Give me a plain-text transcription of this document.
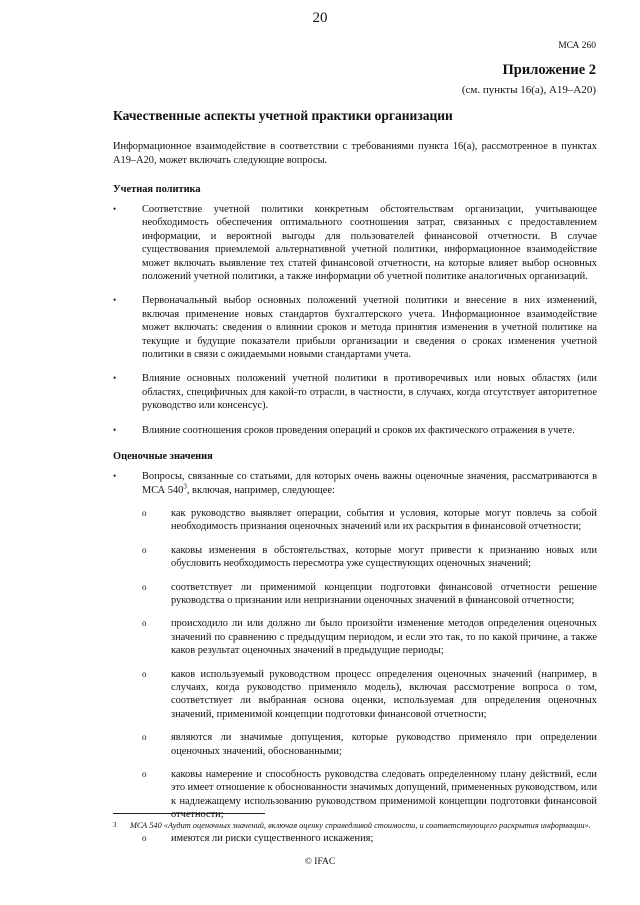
20
МСА 260
Приложение 2
(см. пункты 16(а), A19–A20)
Качественные аспекты учетной практики организации
Информационное взаимодействие в соответствии с требованиями пункта 16(а), рассмотренное в пунктах A19–A20, может включать следующие вопросы.
Учетная политика
•	Соответствие учетной политики конкретным обстоятельствам организации, учитывающее необходимость обеспечения оптимального соотношения затрат, связанных с предоставлением информации, и вероятной выгоды для пользователей финансовой отчетности. В случае существования приемлемой альтернативной учетной политики, информационное взаимодействие может включать выявление тех статей финансовой отчетности, на которые влияет выбор основных положений учетной политики, а также информации об учетной политике аналогичных организаций.
•	Первоначальный выбор основных положений учетной политики и внесение в них изменений, включая применение новых стандартов бухгалтерского учета. Информационное взаимодействие может включать: сведения о влиянии сроков и метода принятия изменения в учетной политике на текущие и будущие показатели прибыли организации и сведения о сроках изменения учетной политики в связи с ожидаемыми новыми стандартами учета.
•	Влияние основных положений учетной политики в противоречивых или новых областях (или областях, специфичных для какой-то отрасли, в частности, в случаях, когда отсутствует авторитетное руководство или консенсус).
•	Влияние соотношения сроков проведения операций и сроков их фактического отражения в учете.
Оценочные значения
•	Вопросы, связанные со статьями, для которых очень важны оценочные значения, рассматриваются в МСА $540^3$, включая, например, следующее:
o как руководство выявляет операции, события и условия, которые могут повлечь за собой необходимость признания оценочных значений или их раскрытия в финансовой отчетности;
o каковы изменения в обстоятельствах, которые могут привести к признанию новых или обусловить необходимость пересмотра уже существующих оценочных значений;
o соответствует ли применимой концепции подготовки финансовой отчетности решение руководства о признании или непризнании оценочных значений в финансовой отчетности;
o происходило ли или должно ли было произойти изменение методов определения оценочных значений по сравнению с предыдущим периодом, и если это так, то по какой причине, а также каков результат оценочных значений в предыдущие периоды;
o каков используемый руководством процесс определения оценочных значений (например, в случаях, когда руководство применяло модель), включая рассмотрение вопроса о том, соответствует ли выбранная основа оценки, используемая для определения оценочных значений, применимой концепции подготовки финансовой отчетности;
o являются ли значимые допущения, которые руководство применяло при определении оценочных значений, обоснованными;
o каковы намерение и способность руководства следовать определенному плану действий, если это имеет отношение к обоснованности значимых допущений, примененных руководством, или к надлежащему использованию руководством применимой концепции подготовки финансовой отчетности;
o имеются ли риски существенного искажения;
3 МСА 540 «Аудит оценочных значений, включая оценку справедливой стоимости, и соответствующего раскрытия информации».
© IFAC
